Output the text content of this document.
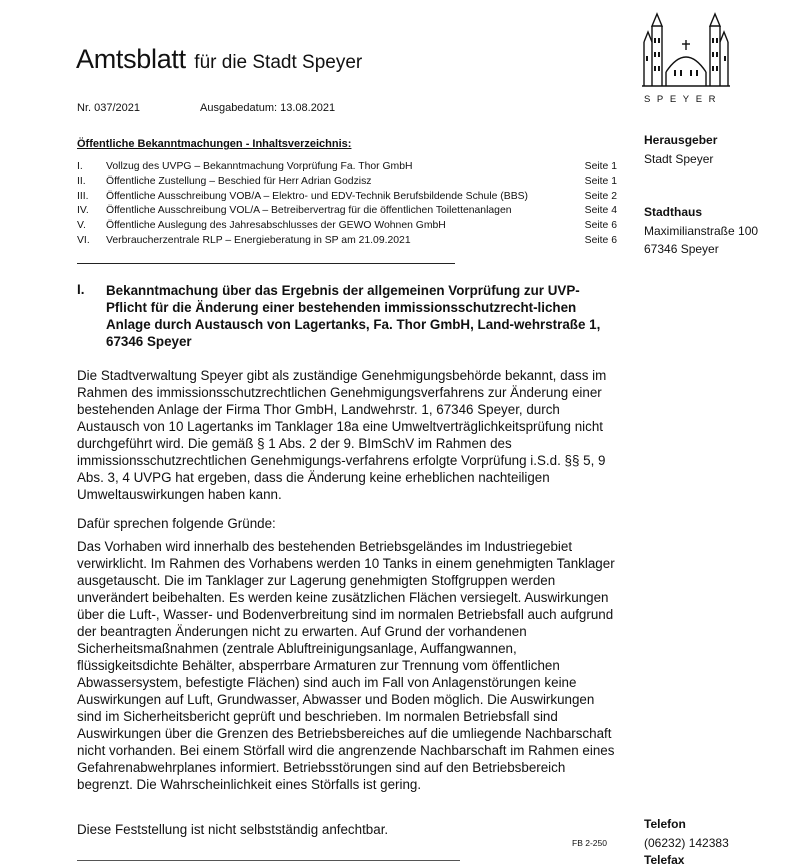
Amtsblatt für die Stadt Speyer
Nr. 037/2021	Ausgabedatum: 13.08.2021
Öffentliche Bekanntmachungen - Inhaltsverzeichnis:
I.	Vollzug des UVPG – Bekanntmachung Vorprüfung Fa. Thor GmbH	Seite 1
II.	Öffentliche Zustellung – Beschied für Herr Adrian Godzisz	Seite 1
III.	Öffentliche Ausschreibung VOB/A – Elektro- und EDV-Technik Berufsbildende Schule (BBS)	Seite 2
IV.	Öffentliche Ausschreibung VOL/A – Betreibervertrag für die öffentlichen Toilettenanlagen	Seite 4
V.	Öffentliche Auslegung des Jahresabschlusses der GEWO Wohnen GmbH	Seite 6
VI.	Verbraucherzentrale RLP – Energieberatung in SP am 21.09.2021	Seite 6
I. Bekanntmachung über das Ergebnis der allgemeinen Vorprüfung zur UVP-Pflicht für die Änderung einer bestehenden immissionsschutzrecht-lichen Anlage durch Austausch von Lagertanks, Fa. Thor GmbH, Land-wehrstraße 1, 67346 Speyer
Die Stadtverwaltung Speyer gibt als zuständige Genehmigungsbehörde bekannt, dass im Rahmen des immissionsschutzrechtlichen Genehmigungsverfahrens zur Änderung einer bestehenden Anlage der Firma Thor GmbH, Landwehrstr. 1, 67346 Speyer, durch Austausch von 10 Lagertanks im Tanklager 18a eine Umweltverträglichkeitsprüfung nicht durchgeführt wird. Die gemäß § 1 Abs. 2 der 9. BImSchV im Rahmen des immissionsschutzrechtlichen Genehmigungs-verfahrens erfolgte Vorprüfung i.S.d. §§ 5, 9 Abs. 3, 4 UVPG hat ergeben, dass die Änderung keine erheblichen nachteiligen Umweltauswirkungen haben kann.
Dafür sprechen folgende Gründe:
Das Vorhaben wird innerhalb des bestehenden Betriebsgeländes im Industriegebiet verwirklicht. Im Rahmen des Vorhabens werden 10 Tanks in einem genehmigten Tanklager ausgetauscht. Die im Tanklager zur Lagerung genehmigten Stoffgruppen werden unverändert beibehalten. Es werden keine zusätzlichen Flächen versiegelt. Auswirkungen über die Luft-, Wasser- und Bodenverbreitung sind im normalen Betriebsfall auch aufgrund der beantragten Änderungen nicht zu erwarten. Auf Grund der vorhandenen Sicherheitsmaßnahmen (zentrale Abluftreinigungsanlage, Auffangwannen, flüssigkeitsdichte Behälter, absperrbare Armaturen zur Trennung vom öffentlichen Abwassersystem, befestigte Flächen) sind auch im Fall von Anlagenstörungen keine Auswirkungen auf Luft, Grundwasser, Abwasser und Boden möglich. Die Auswirkungen sind im Sicherheitsbericht geprüft und beschrieben. Im normalen Betriebsfall sind Auswirkungen über die Grenzen des Betriebsbereiches auf die umliegende Nachbarschaft nicht vorhanden. Bei einem Störfall wird die angrenzende Nachbarschaft im Rahmen eines Gefahrenabwehrplanes informiert. Betriebsstörungen sind auf den Betriebsbereich begrenzt. Die Wahrscheinlichkeit eines Störfalls ist gering.
Diese Feststellung ist nicht selbstständig anfechtbar.
FB 2-250
SPEYER
Herausgeber
Stadt Speyer
Stadthaus
Maximilianstraße 100
67346 Speyer
Telefon
(06232) 142383
Telefax
